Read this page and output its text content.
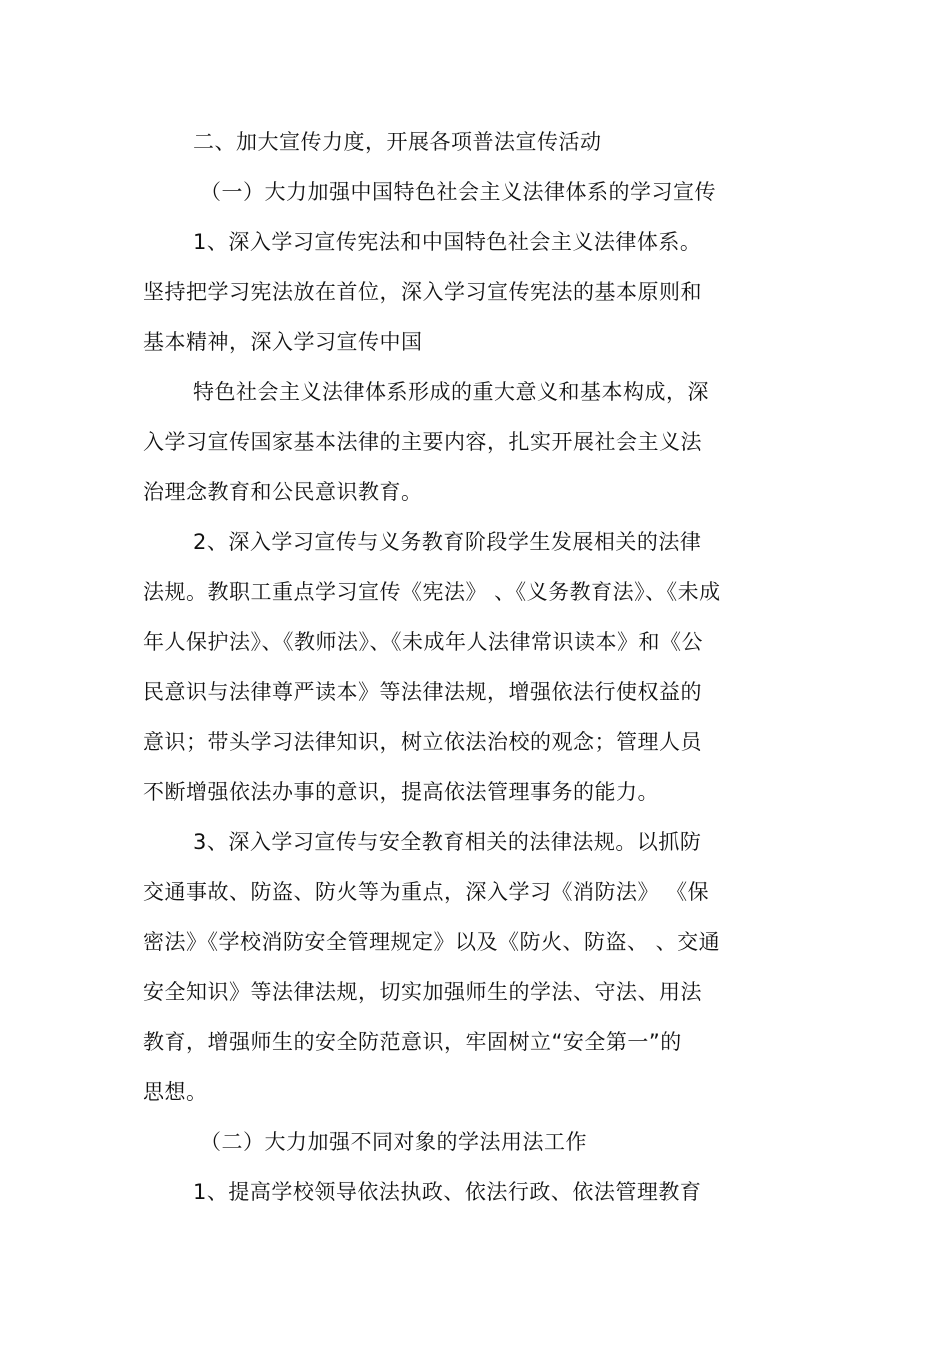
二、加大宣传力度，开展各项普法宣传活动
（一）大力加强中国特色社会主义法律体系的学习宣传
1、深入学习宣传宪法和中国特色社会主义法律体系。
坚持把学习宪法放在首位，深入学习宣传宪法的基本原则和
基本精神，深入学习宣传中国
特色社会主义法律体系形成的重大意义和基本构成，深
入学习宣传国家基本法律的主要内容，扎实开展社会主义法
治理念教育和公民意识教育。
2、深入学习宣传与义务教育阶段学生发展相关的法律
法规。教职工重点学习宣传《宪法》 、《义务教育法》、《未成
年人保护法》、《教师法》、《未成年人法律常识读本》和《公
民意识与法律尊严读本》等法律法规，增强依法行使权益的
意识；带头学习法律知识，树立依法治校的观念；管理人员
不断增强依法办事的意识，提高依法管理事务的能力。
3、深入学习宣传与安全教育相关的法律法规。以抓防
交通事故、防盗、防火等为重点，深入学习《消防法》 《保
密法》《学校消防安全管理规定》以及《防火、防盗、 、交通
安全知识》等法律法规，切实加强师生的学法、守法、用法
教育，增强师生的安全防范意识，牢固树立“安全第一”的
思想。
（二）大力加强不同对象的学法用法工作
1、提高学校领导依法执政、依法行政、依法管理教育
